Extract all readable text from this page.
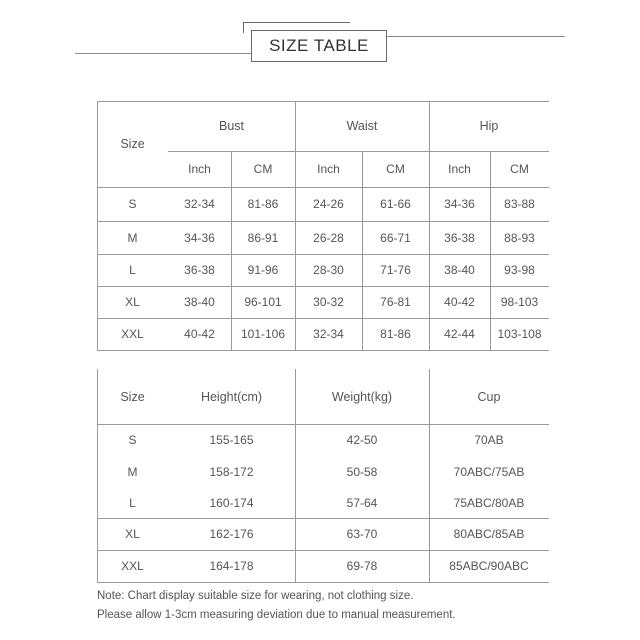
SIZE TABLE
Note: Chart display suitable size for wearing, not clothing size.
Please allow 1-3cm measuring deviation due to manual measurement.
Size
Bust
Inch	CM
Waist
Inch	CM
Hip
Inch	CM
S	32-34	81-86	24-26	61-66	34-36	83-88
M	34-36	86-91	26-28	66-71	36-38	88-93
L	36-38	91-96	28-30	71-76	38-40	93-98
XL	38-40	96-101	30-32	76-81	40-42	98-103
XXL	40-42	101-106	32-34	81-86	42-44	103-108
Size	Height(cm)	Weight(kg)	Cup
S	155-165	42-50	70AB
M	158-172	50-58	70ABC/75AB
L	160-174	57-64	75ABC/80AB
XL	162-176	63-70	80ABC/85AB
XXL	164-178	69-78	85ABC/90ABC
